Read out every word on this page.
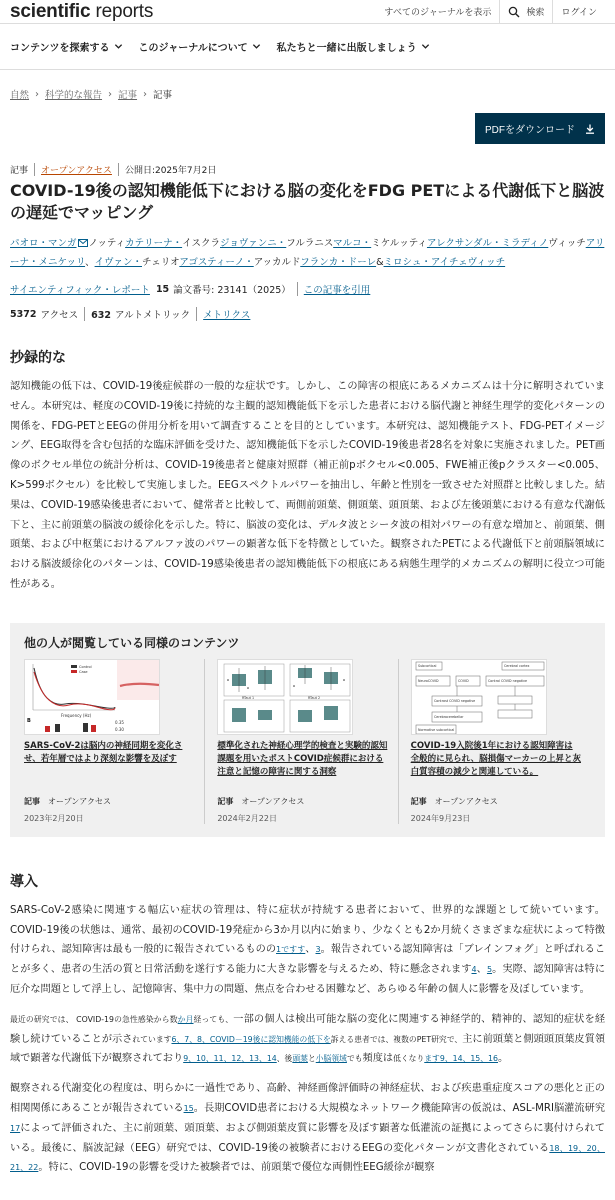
scientific reports	すべてのジャーナルを表示	検索	ログイン
コンテンツを探索する	このジャーナルについて	私たちと一緒に出版しましょう
自然 › 科学的な報告 › 記事 › 記事
PDFをダウンロード
記事	オープンアクセス	公開日:2025年7月2日
COVID-19後の認知機能低下における脳の変化をFDG PETによる代謝低下と脳波の遅延でマッピング
パオロ・マンガ ノッティカテリーナ・イスクラジョヴァンニ・フルラニスマルコ・ミケルッティアレクサンダル・ミラディノヴィッチアリーナ・メニケッリ、イヴァン・チェリオアゴスティーノ・アッカルドフランカ・ドーレ&ミロシュ・アイチェヴィッチ
サイエンティフィック・レポート 15 論文番号: 23141（2025）	この記事を引用
5372 アクセス	632 アルトメトリック	メトリクス
抄録的な

認知機能の低下は、COVID-19後症候群の一般的な症状です。しかし、この障害の根底にあるメカニズムは十分に解明されていません。本研究は、軽度のCOVID-19後に持続的な主観的認知機能低下を示した患者における脳代謝と神経生理学的変化パターンの関係を、FDG-PETとEEGの併用分析を用いて調査することを目的としています。本研究は、認知機能テスト、FDG-PETイメージング、EEG取得を含む包括的な臨床評価を受けた、認知機能低下を示したCOVID-19後患者28名を対象に実施されました。PET画像のボクセル単位の統計分析は、COVID-19後患者と健康対照群（補正前pボクセル<0.005、FWE補正後pクラスター<0.005、K>599ボクセル）を比較して実施しました。EEGスペクトルパワーを抽出し、年齢と性別を一致させた対照群と比較しました。結果は、COVID-19感染後患者において、健常者と比較して、両側前頭葉、側頭葉、頭頂葉、および左後頭葉における有意な代謝低下と、主に前頭葉の脳波の緩徐化を示した。特に、脳波の変化は、デルタ波とシータ波の相対パワーの有意な増加と、前頭葉、側頭葉、および中枢葉におけるアルファ波のパワーの顕著な低下を特徴としていた。観察されたPETによる代謝低下と前頭脳領域における脳波緩徐化のパターンは、COVID-19感染後患者の認知機能低下の根底にある病態生理学的メカニズムの解明に役立つ可能性がある。

他の人が閲覧している同様のコンテンツ
Control
Case
Frequency (Hz)
B	0.35
0.30
SARS-CoV-2は脳内の神経同期を変化させ、若年層ではより深刻な影響を及ぼす
記事 オープンアクセス
2023年2月20日
RTaut 1	RTaut 2
標準化された神経心理学的検査と実験的認知課題を用いたポストCOVID症候群における注意と記憶の障害に関する洞察
記事 オープンアクセス
2024年2月22日
Subcortical	Cerebral cortex
NeuroCOVID	COVID	Control COVID negative
Contrast COVID negative
Cerebrocerebellar
Normative subcortical
COVID-19入院後1年における認知障害は全般的に見られ、脳損傷マーカーの上昇と灰白質容積の減少と関連している。
記事 オープンアクセス
2024年9月23日
導入

SARS-CoV-2感染に関連する幅広い症状の管理は、特に症状が持続する患者において、世界的な課題として続いています。COVID-19後の状態は、通常、最初のCOVID-19発症から3か月以内に始まり、少なくとも2か月続くさまざまな症状によって特徴付けられ、認知障害は最も一般的に報告されているものの1ですす、3。報告されている認知障害は「ブレインフォグ」と呼ばれることが多く、患者の生活の質と日常活動を遂行する能力に大きな影響を与えるため、特に懸念されます4、5。実際、認知障害は特に厄介な問題として浮上し、記憶障害、集中力の問題、焦点を合わせる困難など、あらゆる年齢の個人に影響を及ぼしています。

最近の研究では、 COVID-19の急性感染から数か月経っても、一部の個人は検出可能な脳の変化に関連する神経学的、精神的、認知的症状を経験し続けていることが示されています6、7、8、COVID－19後に認知機能の低下を訴える患者では、複数のPET研究で、主に前頭葉と側頭頭頂葉皮質領域で顕著な代謝低下が観察されており9、10、11、12、13、14、後頭葉と小脳領域でも頻度は低くなります9、14、15、16。

観察される代謝変化の程度は、明らかに一過性であり、高齢、神経画像評価時の神経症状、および疾患重症度スコアの悪化と正の相関関係にあることが報告されている15。長期COVID患者における大規模なネットワーク機能障害の仮説は、ASL-MRI脳灌流研究17によって評価された、主に前頭葉、頭頂葉、および側頭葉皮質に影響を及ぼす顕著な低灌流の証拠によってさらに裏付けられている。最後に、脳波記録（EEG）研究では、COVID-19後の被験者におけるEEGの変化パターンが文書化されている18、19、20、21、22。特に、COVID-19の影響を受けた被験者では、前頭葉で優位な両側性EEG緩徐が観察
